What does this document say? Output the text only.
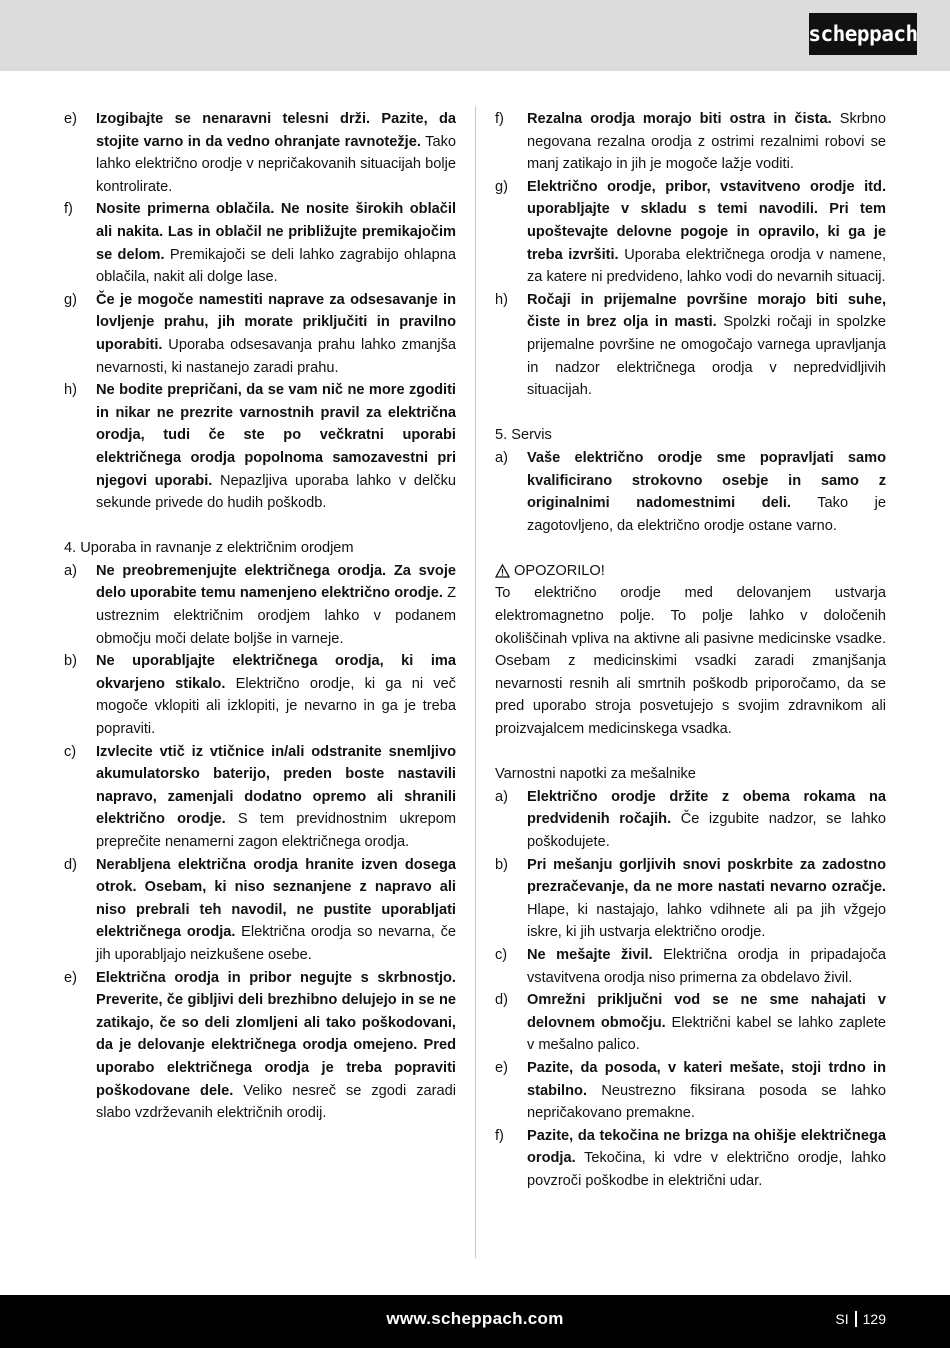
scheppach
e)	Izogibajte se nenaravni telesni drži. Pazite, da stojite varno in da vedno ohranjate ravnotežje. Tako lahko električno orodje v nepričakovanih situacijah bolje kontrolirate.
f)	Nosite primerna oblačila. Ne nosite širokih oblačil ali nakita. Las in oblačil ne približujte premikajočim se delom. Premikajoči se deli lahko zagrabijo ohlapna oblačila, nakit ali dolge lase.
g)	Če je mogoče namestiti naprave za odsesavanje in lovljenje prahu, jih morate priključiti in pravilno uporabiti. Uporaba odsesavanja prahu lahko zmanjša nevarnosti, ki nastanejo zaradi prahu.
h)	Ne bodite prepričani, da se vam nič ne more zgoditi in nikar ne prezrite varnostnih pravil za električna orodja, tudi če ste po večkratni uporabi električnega orodja popolnoma samozavestni pri njegovi uporabi. Nepazljiva uporaba lahko v delčku sekunde privede do hudih poškodb.
4. Uporaba in ravnanje z električnim orodjem
a)	Ne preobremenjujte električnega orodja. Za svoje delo uporabite temu namenjeno električno orodje. Z ustreznim električnim orodjem lahko v podanem območju moči delate boljše in varneje.
b)	Ne uporabljajte električnega orodja, ki ima okvarjeno stikalo. Električno orodje, ki ga ni več mogoče vklopiti ali izklopiti, je nevarno in ga je treba popraviti.
c)	Izvlecite vtič iz vtičnice in/ali odstranite snemljivo akumulatorsko baterijo, preden boste nastavili napravo, zamenjali dodatno opremo ali shranili električno orodje. S tem previdnostnim ukrepom preprečite nenamerni zagon električnega orodja.
d)	Nerabljena električna orodja hranite izven dosega otrok. Osebam, ki niso seznanjene z napravo ali niso prebrali teh navodil, ne pustite uporabljati električnega orodja. Električna orodja so nevarna, če jih uporabljajo neizkušene osebe.
e)	Električna orodja in pribor negujte s skrbnostjo. Preverite, če gibljivi deli brezhibno delujejo in se ne zatikajo, če so deli zlomljeni ali tako poškodovani, da je delovanje električnega orodja omejeno. Pred uporabo električnega orodja je treba popraviti poškodovane dele. Veliko nesreč se zgodi zaradi slabo vzdrževanih električnih orodij.
f)	Rezalna orodja morajo biti ostra in čista. Skrbno negovana rezalna orodja z ostrimi rezalnimi robovi se manj zatikajo in jih je mogoče lažje voditi.
g)	Električno orodje, pribor, vstavitveno orodje itd. uporabljajte v skladu s temi navodili. Pri tem upoštevajte delovne pogoje in opravilo, ki ga je treba izvršiti. Uporaba električnega orodja v namene, za katere ni predvideno, lahko vodi do nevarnih situacij.
h)	Ročaji in prijemalne površine morajo biti suhe, čiste in brez olja in masti. Spolzki ročaji in spolzke prijemalne površine ne omogočajo varnega upravljanja in nadzor električnega orodja v nepredvidljivih situacijah.
5. Servis
a)	Vaše električno orodje sme popravljati samo kvalificirano strokovno osebje in samo z originalnimi nadomestnimi deli. Tako je zagotovljeno, da električno orodje ostane varno.
OPOZORILO!
To električno orodje med delovanjem ustvarja elektromagnetno polje. To polje lahko v določenih okoliščinah vpliva na aktivne ali pasivne medicinske vsadke. Osebam z medicinskimi vsadki zaradi zmanjšanja nevarnosti resnih ali smrtnih poškodb priporočamo, da se pred uporabo stroja posvetujejo s svojim zdravnikom ali proizvajalcem medicinskega vsadka.
Varnostni napotki za mešalnike
a)	Električno orodje držite z obema rokama na predvidenih ročajih. Če izgubite nadzor, se lahko poškodujete.
b)	Pri mešanju gorljivih snovi poskrbite za zadostno prezračevanje, da ne more nastati nevarno ozračje. Hlape, ki nastajajo, lahko vdihnete ali pa jih vžgejo iskre, ki jih ustvarja električno orodje.
c)	Ne mešajte živil. Električna orodja in pripadajoča vstavitvena orodja niso primerna za obdelavo živil.
d)	Omrežni priključni vod se ne sme nahajati v delovnem območju. Električni kabel se lahko zaplete v mešalno palico.
e)	Pazite, da posoda, v kateri mešate, stoji trdno in stabilno. Neustrezno fiksirana posoda se lahko nepričakovano premakne.
f)	Pazite, da tekočina ne brizga na ohišje električnega orodja. Tekočina, ki vdre v električno orodje, lahko povzroči poškodbe in električni udar.
www.scheppach.com	SI 129
